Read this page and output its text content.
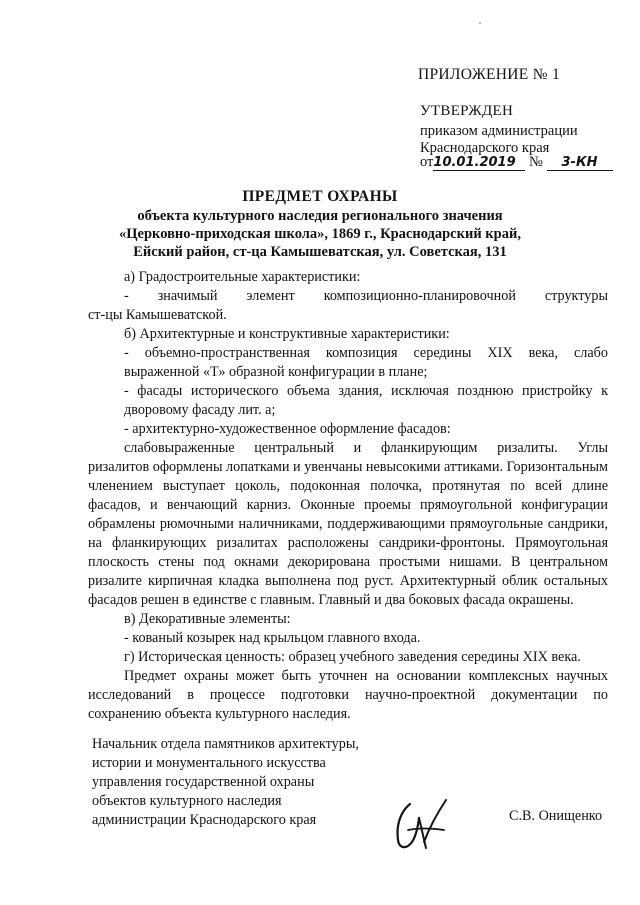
ПРИЛОЖЕНИЕ № 1
УТВЕРЖДЕН
приказом администрации
Краснодарского края
от10.01.2019 № 3-КН
ПРЕДМЕТ ОХРАНЫ
объекта культурного наследия регионального значения
«Церковно-приходская школа», 1869 г., Краснодарский край,
Ейский район, ст-ца Камышеватская, ул. Советская, 131

а) Градостроительные характеристики:

- значимый элемент композиционно-планировочной структуры

ст-цы Камышеватской.

б) Архитектурные и конструктивные характеристики:

- объемно-пространственная композиция середины XIX века, слабо выраженной «Т» образной конфигурации в плане;

- фасады исторического объема здания, исключая позднюю пристройку к дворовому фасаду лит. а;

- архитектурно-художественное оформление фасадов:

слабовыраженные центральный и фланкирующим ризалиты. Углы

ризалитов оформлены лопатками и увенчаны невысокими аттиками. Горизонтальным членением выступает цоколь, подоконная полочка, протянутая по всей длине фасадов, и венчающий карниз. Оконные проемы прямоугольной конфигурации обрамлены рюмочными наличниками, поддерживающими прямоугольные сандрики, на фланкирующих ризалитах расположены сандрики-фронтоны. Прямоугольная плоскость стены под окнами декорирована простыми нишами. В центральном ризалите кирпичная кладка выполнена под руст. Архитектурный облик остальных фасадов решен в единстве с главным. Главный и два боковых фасада окрашены.

в) Декоративные элементы:

- кованый козырек над крыльцом главного входа.

г) Историческая ценность: образец учебного заведения середины XIX века.

Предмет охраны может быть уточнен на основании комплексных научных исследований в процессе подготовки научно-проектной документации по сохранению объекта культурного наследия.

Начальник отдела памятников архитектуры,

истории и монументального искусства

управления государственной охраны

объектов культурного наследия

администрации Краснодарского края	С.В. Онищенко
